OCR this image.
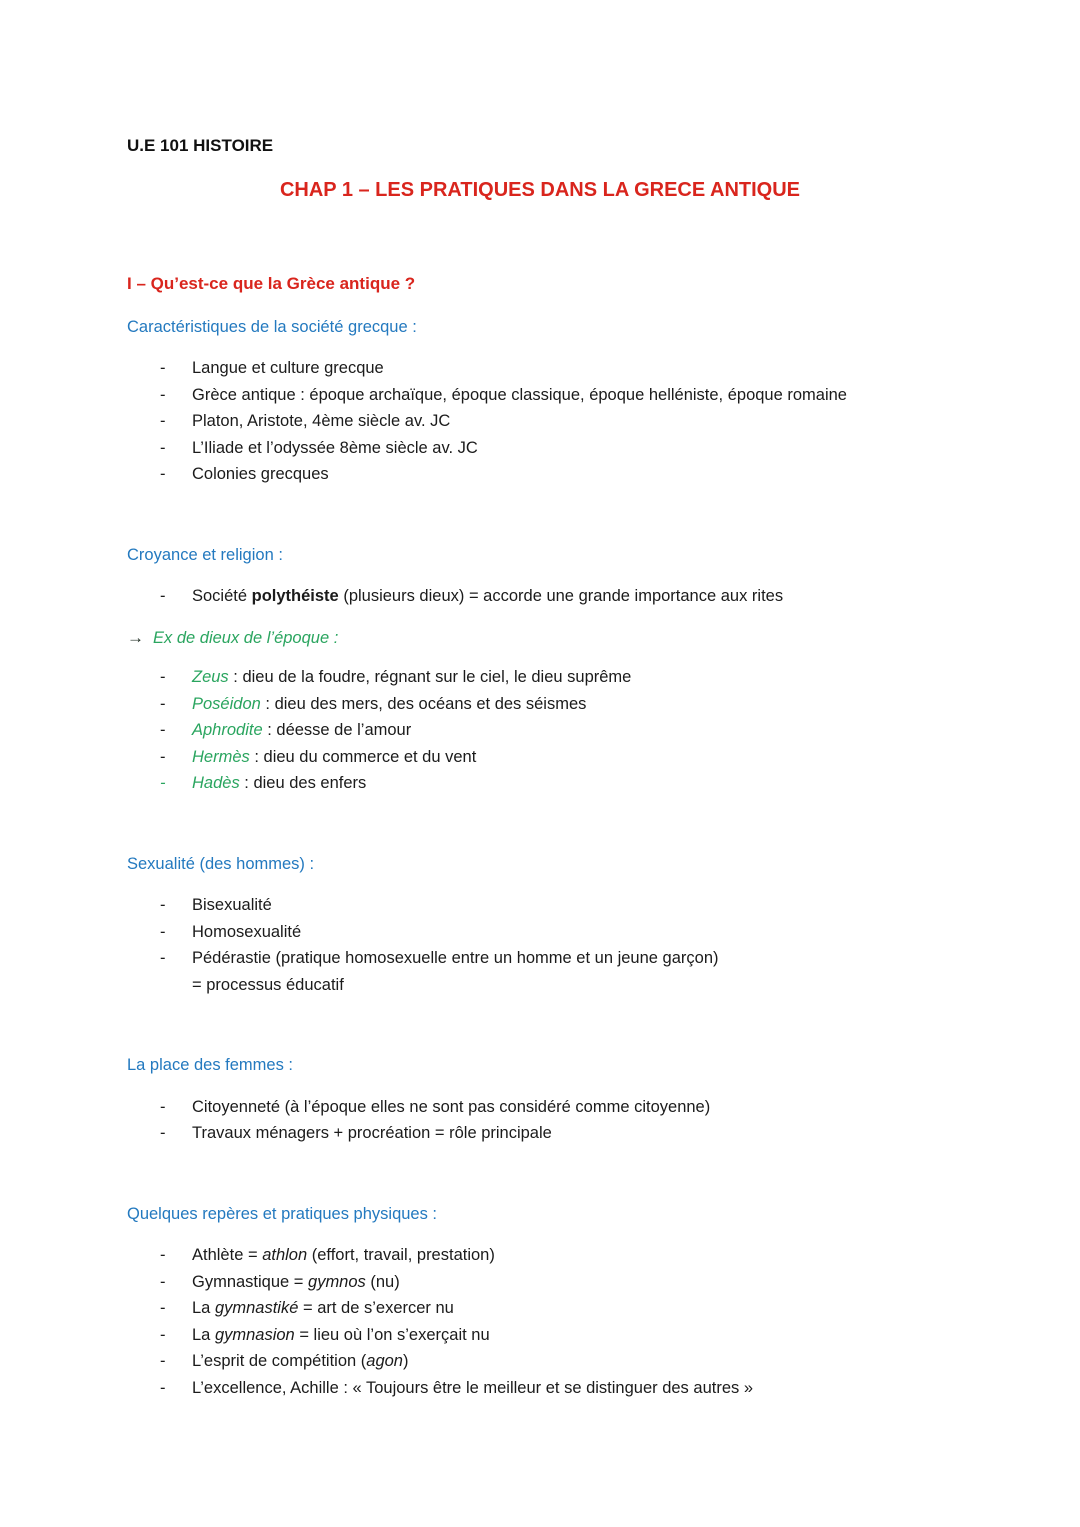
U.E 101 HISTOIRE
CHAP 1 – LES PRATIQUES DANS LA GRECE ANTIQUE
I – Qu’est-ce que la Grèce antique ?
Caractéristiques de la société grecque :
-	Langue et culture grecque
-	Grèce antique : époque archaïque, époque classique, époque helléniste, époque romaine
-	Platon, Aristote, 4ème siècle av. JC
-	L’Iliade et l’odyssée 8ème siècle av. JC
-	Colonies grecques
Croyance et religion :
-	Société polythéiste (plusieurs dieux) = accorde une grande importance aux rites
→ Ex de dieux de l’époque :
-	Zeus : dieu de la foudre, régnant sur le ciel, le dieu suprême
-	Poséidon : dieu des mers, des océans et des séismes
-	Aphrodite : déesse de l’amour
-	Hermès : dieu du commerce et du vent
-	Hadès : dieu des enfers
Sexualité (des hommes) :
-	Bisexualité
-	Homosexualité
-	Pédérastie (pratique homosexuelle entre un homme et un jeune garçon)
= processus éducatif
La place des femmes :
-	Citoyenneté (à l’époque elles ne sont pas considéré comme citoyenne)
-	Travaux ménagers + procréation = rôle principale
Quelques repères et pratiques physiques :
-	Athlète = athlon (effort, travail, prestation)
-	Gymnastique = gymnos (nu)
-	La gymnastiké = art de s’exercer nu
-	La gymnasion = lieu où l’on s’exerçait nu
-	L’esprit de compétition (agon)
-	L’excellence, Achille : « Toujours être le meilleur et se distinguer des autres »
